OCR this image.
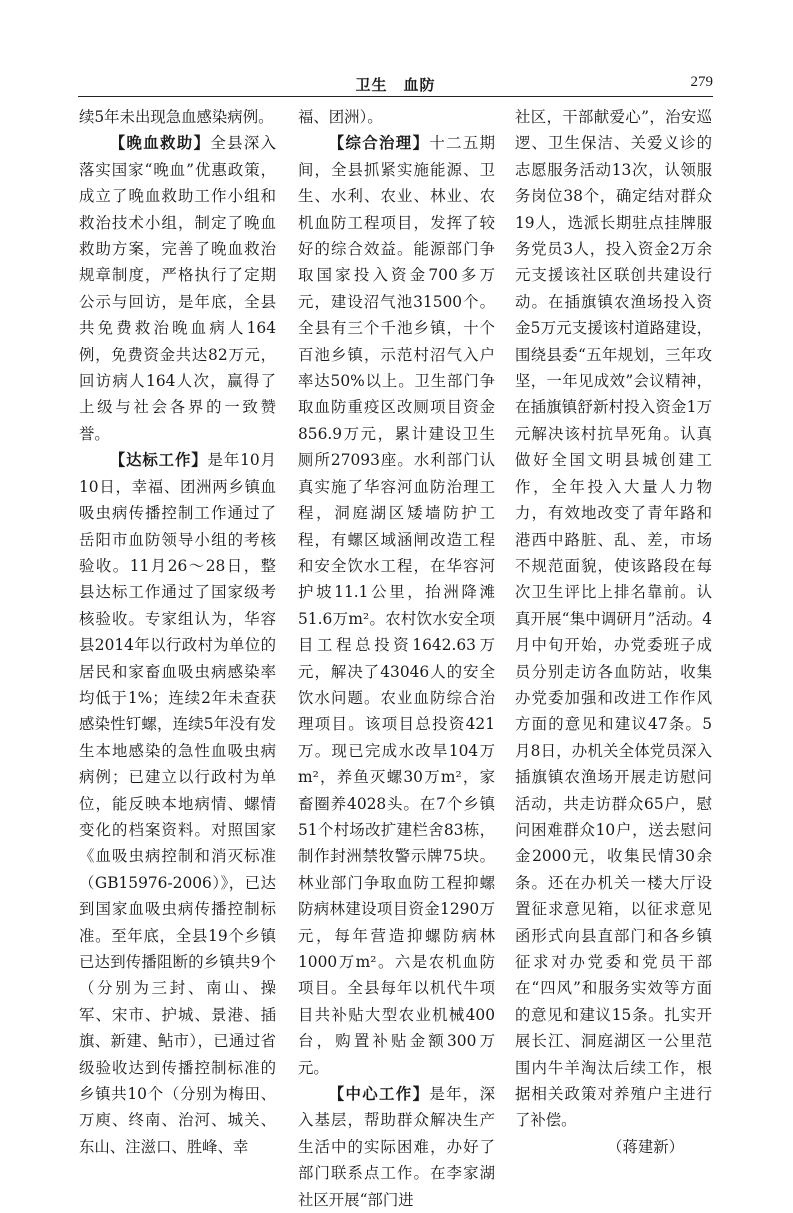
卫生　血防	279

续5年未出现急血感染病例。

【晚血救助】全县深入落实国家“晚血”优惠政策，成立了晚血救助工作小组和救治技术小组，制定了晚血救助方案，完善了晚血救治规章制度，严格执行了定期公示与回访，是年底，全县共免费救治晚血病人164例，免费资金共达82万元，回访病人164人次，赢得了上级与社会各界的一致赞誉。

【达标工作】是年10月10日，幸福、团洲两乡镇血吸虫病传播控制工作通过了岳阳市血防领导小组的考核验收。11月26～28日，整县达标工作通过了国家级考核验收。专家组认为，华容县2014年以行政村为单位的居民和家畜血吸虫病感染率均低于1%；连续2年未查获感染性钉螺，连续5年没有发生本地感染的急性血吸虫病病例；已建立以行政村为单位，能反映本地病情、螺情变化的档案资料。对照国家《血吸虫病控制和消灭标准（GB15976-2006）》，已达到国家血吸虫病传播控制标准。至年底，全县19个乡镇已达到传播阻断的乡镇共9个（分别为三封、南山、操军、宋市、护城、景港、插旗、新建、鲇市），已通过省级验收达到传播控制标准的乡镇共10个（分别为梅田、万庾、终南、治河、城关、东山、注滋口、胜峰、幸

福、团洲）。

【综合治理】十二五期间，全县抓紧实施能源、卫生、水利、农业、林业、农机血防工程项目，发挥了较好的综合效益。能源部门争取国家投入资金700多万元，建设沼气池31500个。全县有三个千池乡镇，十个百池乡镇，示范村沼气入户率达50%以上。卫生部门争取血防重疫区改厕项目资金856.9万元，累计建设卫生厕所27093座。水利部门认真实施了华容河血防治理工程，洞庭湖区矮墙防护工程，有螺区域涵闸改造工程和安全饮水工程，在华容河护坡11.1公里，抬洲降滩51.6万m²。农村饮水安全项目工程总投资1642.63万元，解决了43046人的安全饮水问题。农业血防综合治理项目。该项目总投资421万。现已完成水改旱104万m²，养鱼灭螺30万m²，家畜圈养4028头。在7个乡镇51个村场改扩建栏舍83栋，制作封洲禁牧警示牌75块。林业部门争取血防工程抑螺防病林建设项目资金1290万元，每年营造抑螺防病林1000万m²。六是农机血防项目。全县每年以机代牛项目共补贴大型农业机械400台，购置补贴金额300万元。

【中心工作】是年，深入基层，帮助群众解决生产生活中的实际困难，办好了部门联系点工作。在李家湖社区开展“部门进

社区，干部献爱心”，治安巡逻、卫生保洁、关爱义诊的志愿服务活动13次，认领服务岗位38个，确定结对群众19人，选派长期驻点挂牌服务党员3人，投入资金2万余元支援该社区联创共建设行动。在插旗镇农渔场投入资金5万元支援该村道路建设，围绕县委“五年规划，三年攻坚，一年见成效”会议精神，在插旗镇舒新村投入资金1万元解决该村抗旱死角。认真做好全国文明县城创建工作，全年投入大量人力物力，有效地改变了青年路和港西中路脏、乱、差，市场不规范面貌，使该路段在每次卫生评比上排名靠前。认真开展“集中调研月”活动。4月中旬开始，办党委班子成员分别走访各血防站，收集办党委加强和改进工作作风方面的意见和建议47条。5月8日，办机关全体党员深入插旗镇农渔场开展走访慰问活动，共走访群众65户，慰问困难群众10户，送去慰问金2000元，收集民情30余条。还在办机关一楼大厅设置征求意见箱，以征求意见函形式向县直部门和各乡镇征求对办党委和党员干部在“四风”和服务实效等方面的意见和建议15条。扎实开展长江、洞庭湖区一公里范围内牛羊淘汰后续工作，根据相关政策对养殖户主进行了补偿。

（蒋建新）
